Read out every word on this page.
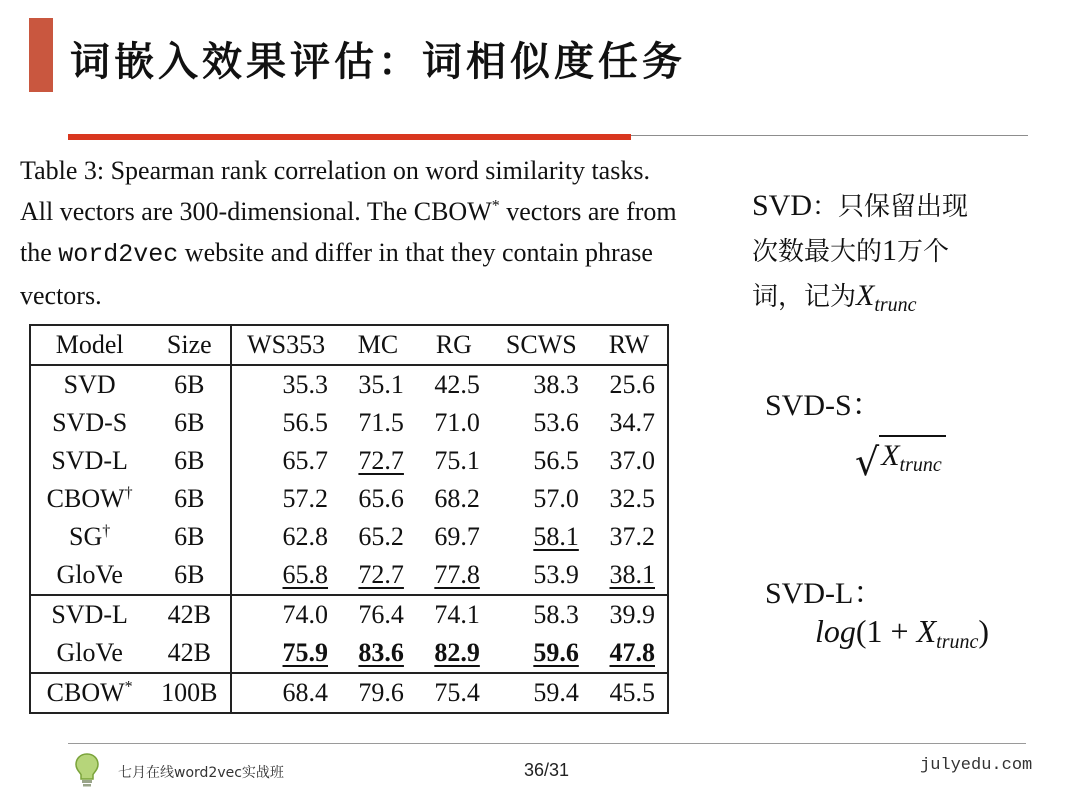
词嵌入效果评估：词相似度任务
Table 3: Spearman rank correlation on word similarity tasks. All vectors are 300-dimensional. The CBOW* vectors are from the word2vec website and differ in that they contain phrase vectors.
Model	Size	WS353	MC	RG	SCWS	RW
SVD	6B	35.3	35.1	42.5	38.3	25.6
SVD-S	6B	56.5	71.5	71.0	53.6	34.7
SVD-L	6B	65.7	72.7	75.1	56.5	37.0
CBOW†	6B	57.2	65.6	68.2	57.0	32.5
SG†	6B	62.8	65.2	69.7	58.1	37.2
GloVe	6B	65.8	72.7	77.8	53.9	38.1
SVD-L	42B	74.0	76.4	74.1	58.3	39.9
GloVe	42B	75.9	83.6	82.9	59.6	47.8
CBOW*	100B	68.4	79.6	75.4	59.4	45.5
SVD：只保留出现
次数最大的1万个
词，记为$X_{trunc}$
SVD-S：
√ $X_{trunc}$
SVD-L：
$\log(1 + X_{trunc})$
七月在线word2vec实战班	36/31	julyedu.com
